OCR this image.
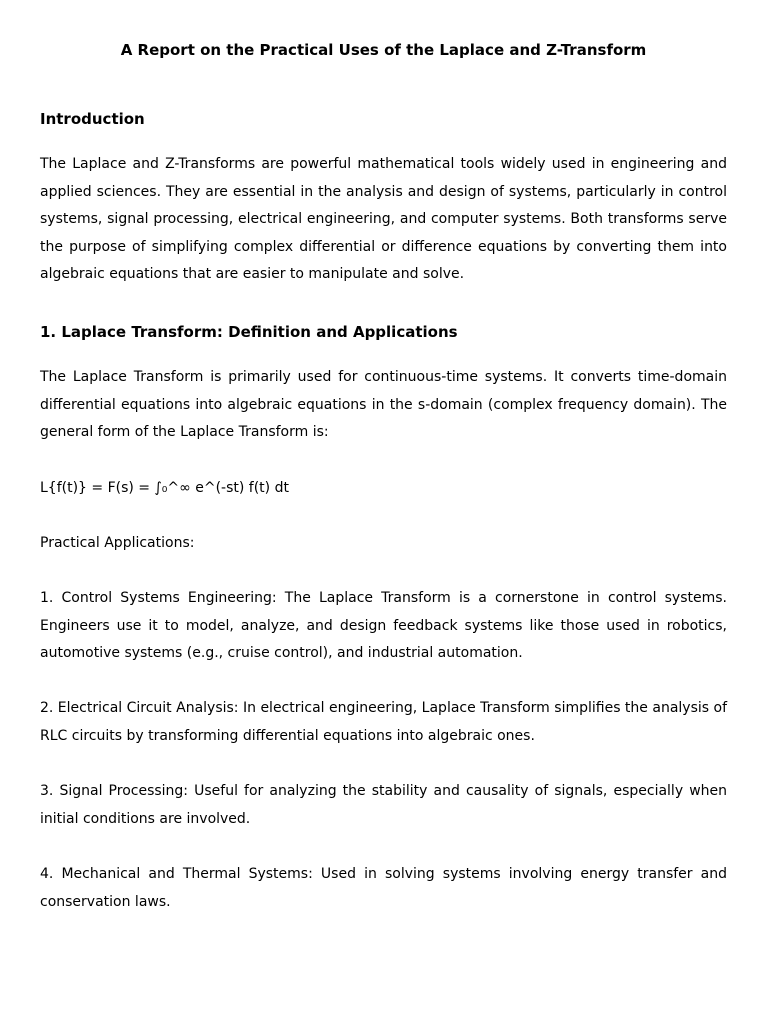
A Report on the Practical Uses of the Laplace and Z-Transform
Introduction

The Laplace and Z-Transforms are powerful mathematical tools widely used in engineering and applied sciences. They are essential in the analysis and design of systems, particularly in control systems, signal processing, electrical engineering, and computer systems. Both transforms serve the purpose of simplifying complex differential or difference equations by converting them into algebraic equations that are easier to manipulate and solve.

1. Laplace Transform: Definition and Applications

The Laplace Transform is primarily used for continuous-time systems. It converts time-domain differential equations into algebraic equations in the s-domain (complex frequency domain). The general form of the Laplace Transform is:

L{f(t)} = F(s) = ∫₀^∞ e^(-st) f(t) dt

Practical Applications:

1. Control Systems Engineering: The Laplace Transform is a cornerstone in control systems. Engineers use it to model, analyze, and design feedback systems like those used in robotics, automotive systems (e.g., cruise control), and industrial automation.

2. Electrical Circuit Analysis: In electrical engineering, Laplace Transform simplifies the analysis of RLC circuits by transforming differential equations into algebraic ones.

3. Signal Processing: Useful for analyzing the stability and causality of signals, especially when initial conditions are involved.

4. Mechanical and Thermal Systems: Used in solving systems involving energy transfer and conservation laws.
